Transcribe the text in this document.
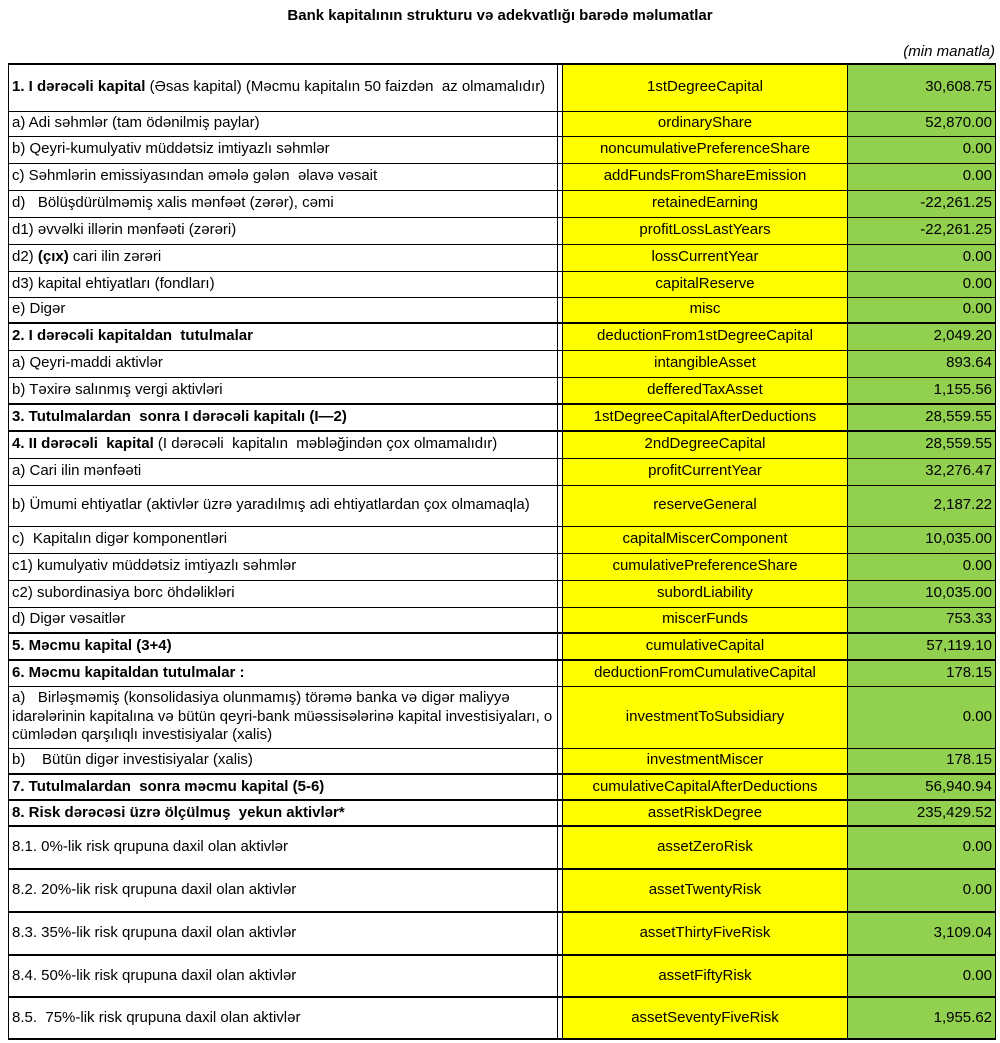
Bank kapitalının strukturu və adekvatlığı barədə məlumatlar
(min manatla)
1. I dərəcəli kapital (Əsas kapital) (Məcmu kapitalın 50 faizdən  az olmamalıdır)		1stDegreeCapital	30,608.75
a) Adi səhmlər (tam ödənilmiş paylar)		ordinaryShare	52,870.00
b) Qeyri-kumulyativ müddətsiz imtiyazlı səhmlər		noncumulativePreferenceShare	0.00
c) Səhmlərin emissiyasından əmələ gələn  əlavə vəsait		addFundsFromShareEmission	0.00
d)   Bölüşdürülməmiş xalis mənfəət (zərər), cəmi		retainedEarning	-22,261.25
d1) əvvəlki illərin mənfəəti (zərəri)		profitLossLastYears	-22,261.25
d2) (çıx) cari ilin zərəri		lossCurrentYear	0.00
d3) kapital ehtiyatları (fondları)		capitalReserve	0.00
e) Digər		misc	0.00
2. I dərəcəli kapitaldan  tutulmalar		deductionFrom1stDegreeCapital	2,049.20
a) Qeyri-maddi aktivlər		intangibleAsset	893.64
b) Təxirə salınmış vergi aktivləri		defferedTaxAsset	1,155.56
3. Tutulmalardan  sonra I dərəcəli kapitalı (I—2)		1stDegreeCapitalAfterDeductions	28,559.55
4. II dərəcəli  kapital (I dərəcəli  kapitalın  məbləğindən çox olmamalıdır)		2ndDegreeCapital	28,559.55
a) Cari ilin mənfəəti		profitCurrentYear	32,276.47
b) Ümumi ehtiyatlar (aktivlər üzrə yaradılmış adi ehtiyatlardan çox olmamaqla)		reserveGeneral	2,187.22
c)  Kapitalın digər komponentləri		capitalMiscerComponent	10,035.00
c1) kumulyativ müddətsiz imtiyazlı səhmlər		cumulativePreferenceShare	0.00
c2) subordinasiya borc öhdəlikləri		subordLiability	10,035.00
d) Digər vəsaitlər		miscerFunds	753.33
5. Məcmu kapital (3+4)		cumulativeCapital	57,119.10
6. Məcmu kapitaldan tutulmalar :		deductionFromCumulativeCapital	178.15
a)   Birləşməmiş (konsolidasiya olunmamış) törəmə banka və digər maliyyə idarələrinin kapitalına və bütün qeyri-bank müəssisələrinə kapital investisiyaları, o cümlədən qarşılıqlı investisiyalar (xalis)		investmentToSubsidiary	0.00
b)    Bütün digər investisiyalar (xalis)		investmentMiscer	178.15
7. Tutulmalardan  sonra məcmu kapital (5-6)		cumulativeCapitalAfterDeductions	56,940.94
8. Risk dərəcəsi üzrə ölçülmuş  yekun aktivlər*		assetRiskDegree	235,429.52
8.1. 0%-lik risk qrupuna daxil olan aktivlər		assetZeroRisk	0.00
8.2. 20%-lik risk qrupuna daxil olan aktivlər		assetTwentyRisk	0.00
8.3. 35%-lik risk qrupuna daxil olan aktivlər		assetThirtyFiveRisk	3,109.04
8.4. 50%-lik risk qrupuna daxil olan aktivlər		assetFiftyRisk	0.00
8.5.  75%-lik risk qrupuna daxil olan aktivlər		assetSeventyFiveRisk	1,955.62
